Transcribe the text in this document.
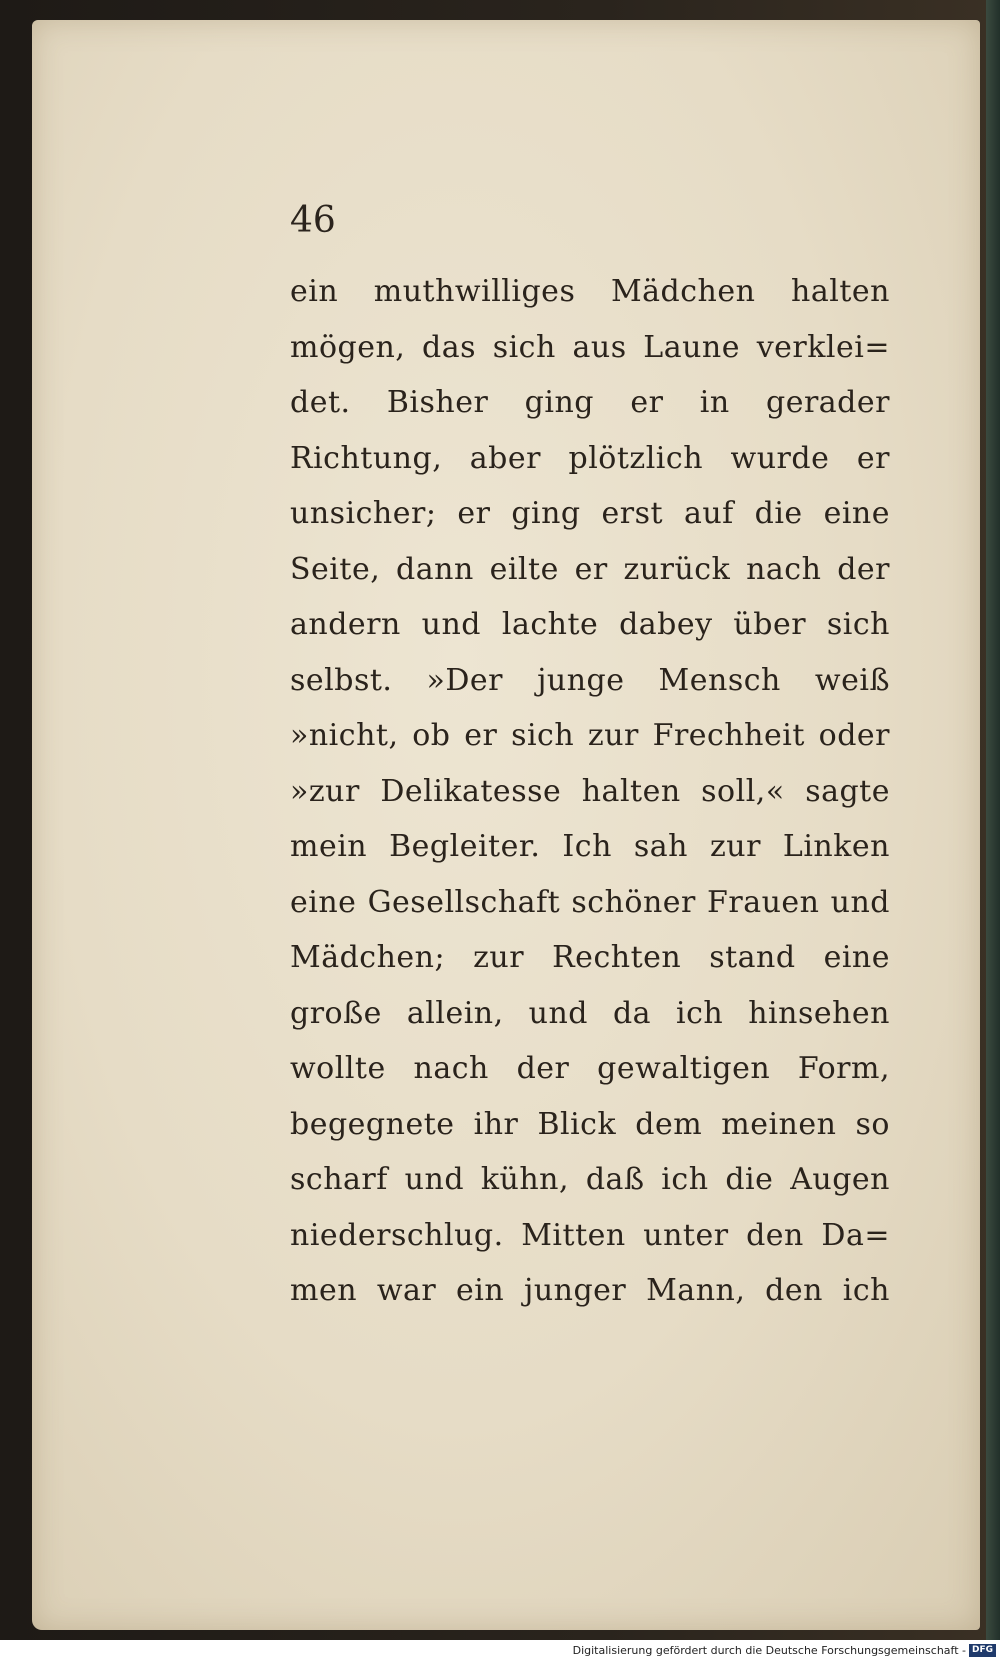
46
ein muthwilliges Mädchen halten
mögen, das sich aus Laune verklei=
det. Bisher ging er in gerader
Richtung, aber plötzlich wurde er
unsicher; er ging erst auf die eine
Seite, dann eilte er zurück nach der
andern und lachte dabey über sich
selbst. »Der junge Mensch weiß
»nicht, ob er sich zur Frechheit oder
»zur Delikatesse halten soll,« sagte
mein Begleiter. Ich sah zur Linken
eine Gesellschaft schöner Frauen und
Mädchen; zur Rechten stand eine
große allein, und da ich hinsehen
wollte nach der gewaltigen Form,
begegnete ihr Blick dem meinen so
scharf und kühn, daß ich die Augen
niederschlug. Mitten unter den Da=
men war ein junger Mann, den ich
Digitalisierung gefördert durch die Deutsche Forschungsgemeinschaft - DFG
